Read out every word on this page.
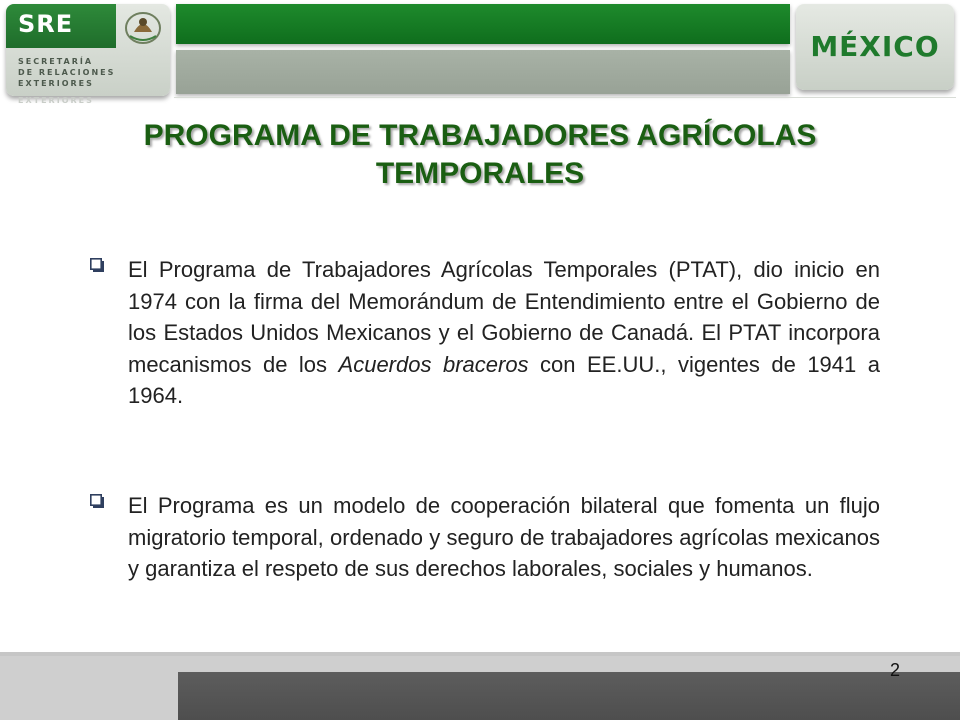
SRE
SECRETARÍA
DE RELACIONES
EXTERIORES
EXTERIORES
MÉXICO
PROGRAMA DE TRABAJADORES AGRÍCOLAS
TEMPORALES

El Programa de Trabajadores Agrícolas Temporales (PTAT), dio inicio en 1974 con la firma del Memorándum de Entendimiento entre el Gobierno de los Estados Unidos Mexicanos y el Gobierno de Canadá. El PTAT incorpora mecanismos de los Acuerdos braceros con EE.UU., vigentes de 1941 a 1964.

El Programa es un modelo de cooperación bilateral que fomenta un flujo migratorio temporal, ordenado y seguro de trabajadores agrícolas mexicanos y garantiza el respeto de sus derechos laborales, sociales y humanos.

2
